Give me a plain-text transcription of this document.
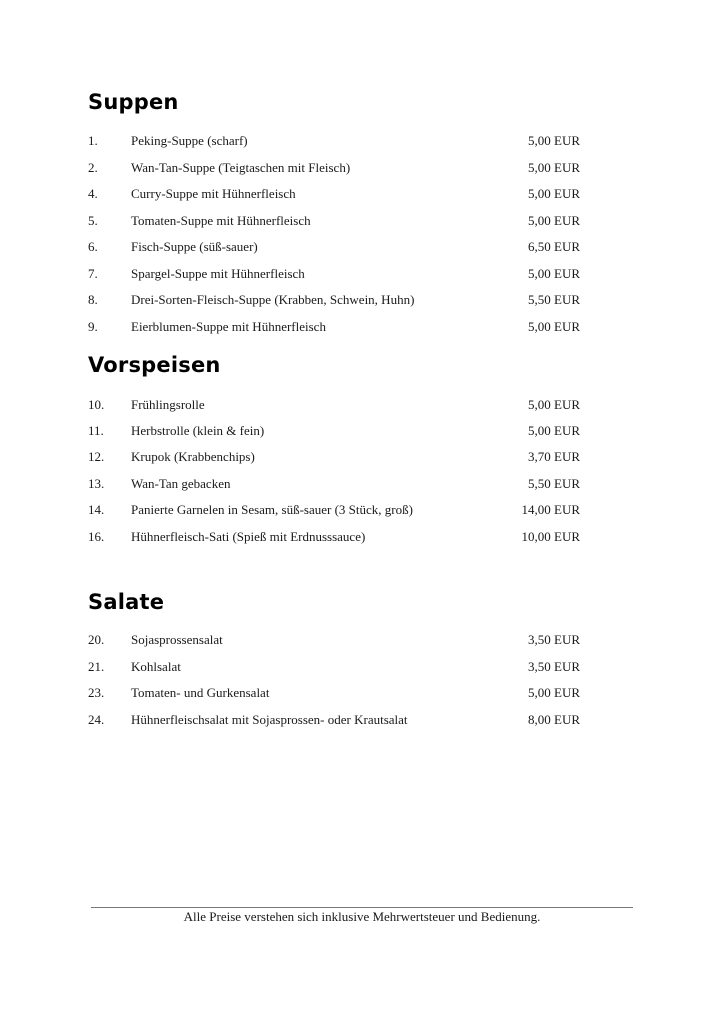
Suppen
1.	Peking-Suppe (scharf)	5,00 EUR
2.	Wan-Tan-Suppe (Teigtaschen mit Fleisch)	5,00 EUR
4.	Curry-Suppe mit Hühnerfleisch	5,00 EUR
5.	Tomaten-Suppe mit Hühnerfleisch	5,00 EUR
6.	Fisch-Suppe (süß-sauer)	6,50 EUR
7.	Spargel-Suppe mit Hühnerfleisch	5,00 EUR
8.	Drei-Sorten-Fleisch-Suppe (Krabben, Schwein, Huhn)	5,50 EUR
9.	Eierblumen-Suppe mit Hühnerfleisch	5,00 EUR
Vorspeisen
10. Frühlingsrolle	5,00 EUR
11. Herbstrolle (klein & fein)	5,00 EUR
12. Krupok (Krabbenchips)	3,70 EUR
13. Wan-Tan gebacken	5,50 EUR
14. Panierte Garnelen in Sesam, süß-sauer (3 Stück, groß)	14,00 EUR
16. Hühnerfleisch-Sati (Spieß mit Erdnusssauce)	10,00 EUR
Salate
20. Sojasprossensalat	3,50 EUR
21. Kohlsalat	3,50 EUR
23. Tomaten- und Gurkensalat	5,00 EUR
24. Hühnerfleischsalat mit Sojasprossen- oder Krautsalat	8,00 EUR
Alle Preise verstehen sich inklusive Mehrwertsteuer und Bedienung.
